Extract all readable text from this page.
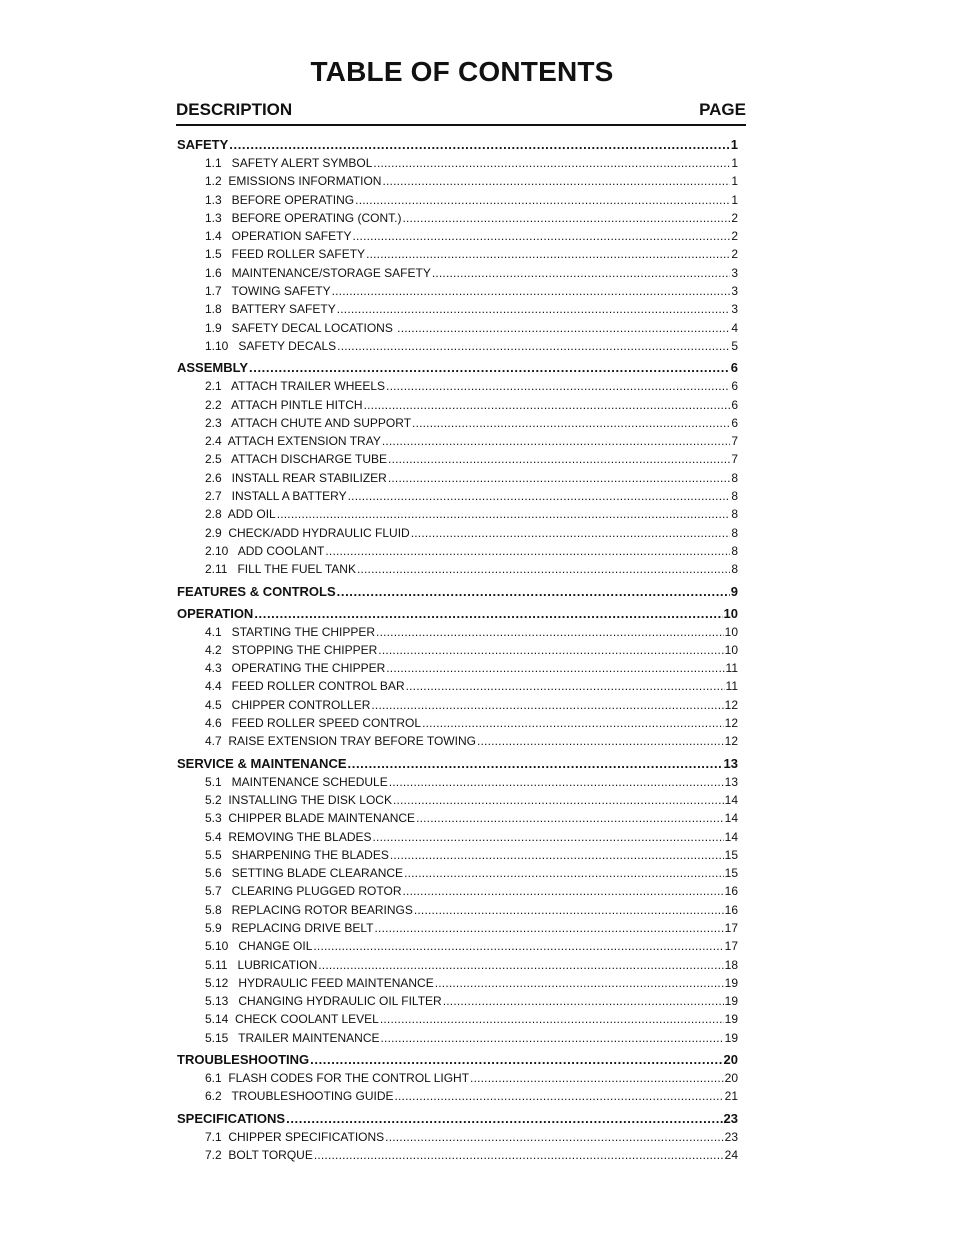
TABLE OF CONTENTS
DESCRIPTION	PAGE
SAFETY .....	1
1.1   SAFETY ALERT SYMBOL .....	1
1.2  EMISSIONS INFORMATION .....	1
1.3   BEFORE OPERATING .....	1
1.3   BEFORE OPERATING (CONT.) .....	2
1.4   OPERATION SAFETY .....	2
1.5   FEED ROLLER SAFETY .....	2
1.6   MAINTENANCE/STORAGE SAFETY .....	3
1.7   TOWING SAFETY .....	3
1.8   BATTERY SAFETY .....	3
1.9   SAFETY DECAL LOCATIONS .....	4
1.10   SAFETY DECALS .....	5
ASSEMBLY .....	6
2.1   ATTACH TRAILER WHEELS .....	6
2.2   ATTACH PINTLE HITCH .....	6
2.3   ATTACH CHUTE AND SUPPORT .....	6
2.4  ATTACH EXTENSION TRAY .....	7
2.5   ATTACH DISCHARGE TUBE .....	7
2.6   INSTALL REAR STABILIZER .....	8
2.7   INSTALL A BATTERY .....	8
2.8  ADD OIL .....	8
2.9  CHECK/ADD HYDRAULIC FLUID .....	8
2.10   ADD COOLANT .....	8
2.11   FILL THE FUEL TANK .....	8
FEATURES & CONTROLS .....	9
OPERATION .....	10
4.1   STARTING THE CHIPPER .....	10
4.2   STOPPING THE CHIPPER .....	10
4.3   OPERATING THE CHIPPER .....	11
4.4   FEED ROLLER CONTROL BAR .....	11
4.5   CHIPPER CONTROLLER .....	12
4.6   FEED ROLLER SPEED CONTROL .....	12
4.7  RAISE EXTENSION TRAY BEFORE TOWING .....	12
SERVICE & MAINTENANCE .....	13
5.1   MAINTENANCE SCHEDULE .....	13
5.2  INSTALLING THE DISK LOCK .....	14
5.3  CHIPPER BLADE MAINTENANCE .....	14
5.4  REMOVING THE BLADES .....	14
5.5   SHARPENING THE BLADES .....	15
5.6   SETTING BLADE CLEARANCE .....	15
5.7   CLEARING PLUGGED ROTOR .....	16
5.8   REPLACING ROTOR BEARINGS .....	16
5.9   REPLACING DRIVE BELT .....	17
5.10   CHANGE OIL .....	17
5.11   LUBRICATION .....	18
5.12   HYDRAULIC FEED MAINTENANCE .....	19
5.13   CHANGING HYDRAULIC OIL FILTER .....	19
5.14  CHECK COOLANT LEVEL .....	19
5.15   TRAILER MAINTENANCE .....	19
TROUBLESHOOTING .....	20
6.1  FLASH CODES FOR THE CONTROL LIGHT .....	20
6.2   TROUBLESHOOTING GUIDE .....	21
SPECIFICATIONS .....	23
7.1  CHIPPER SPECIFICATIONS .....	23
7.2  BOLT TORQUE .....	24
